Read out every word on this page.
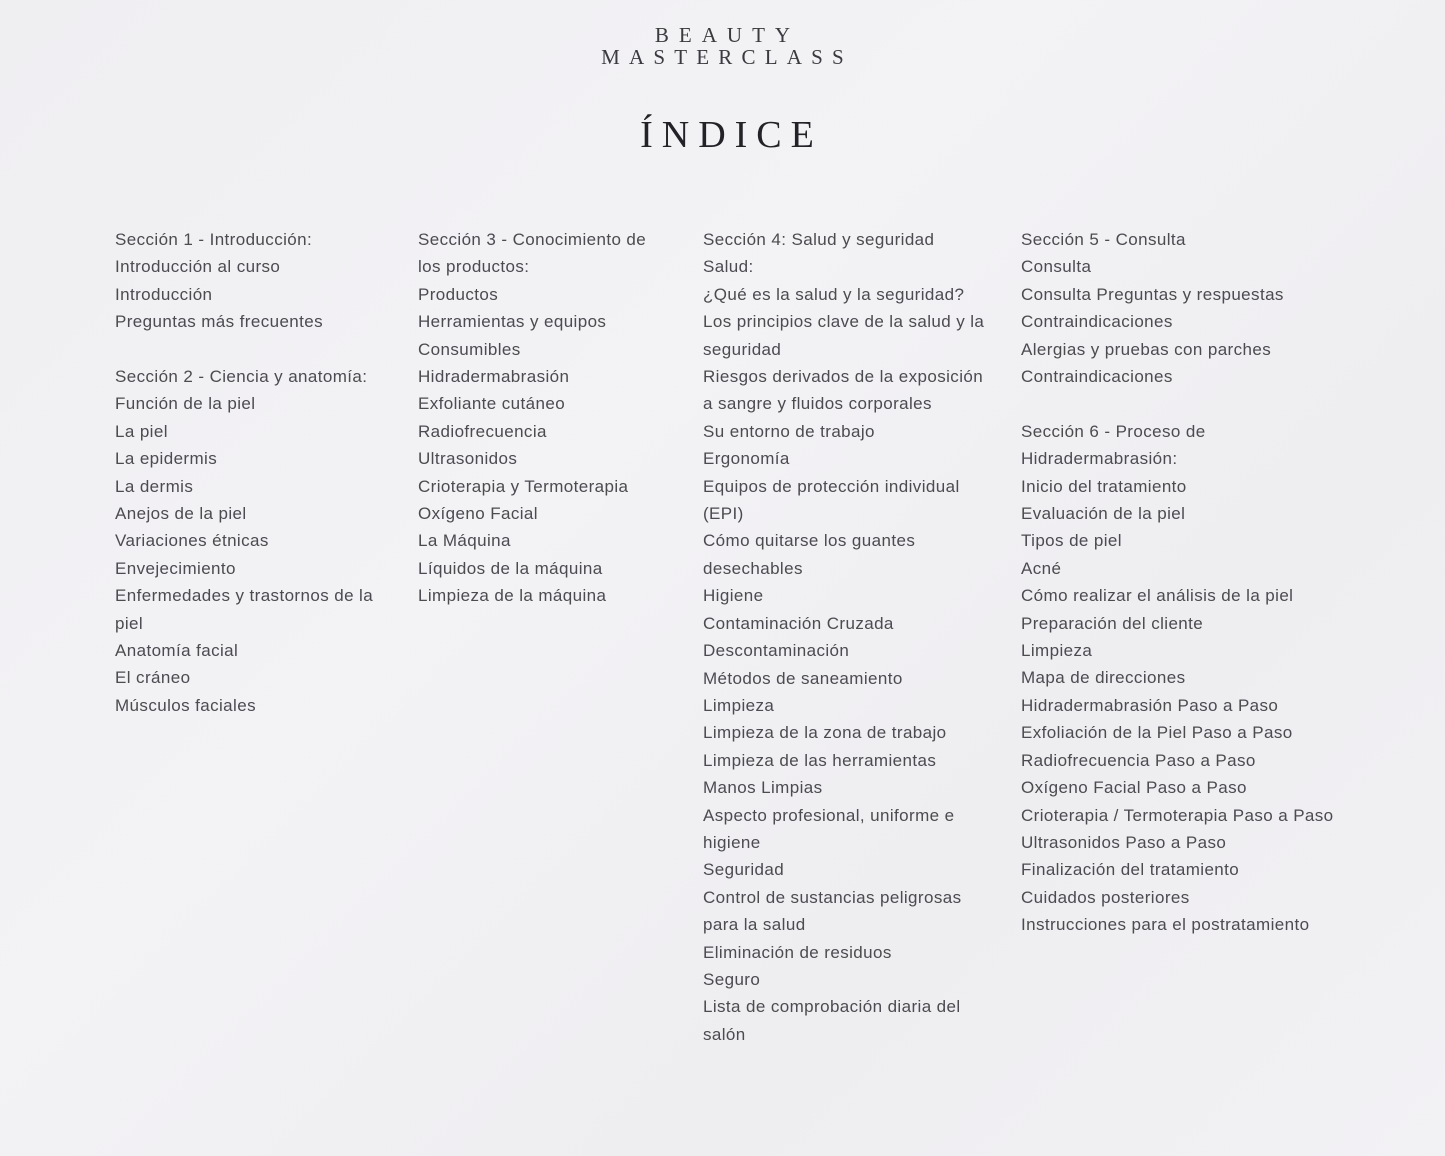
BEAUTY
MASTERCLASS
ÍNDICE
Sección 1 - Introducción:
Introducción al curso
Introducción
Preguntas más frecuentes
Sección 2 - Ciencia y anatomía:
Función de la piel
La piel
La epidermis
La dermis
Anejos de la piel
Variaciones étnicas
Envejecimiento
Enfermedades y trastornos de la piel
Anatomía facial
El cráneo
Músculos faciales
Sección 3 - Conocimiento de los productos:
Productos
Herramientas y equipos
Consumibles
Hidradermabrasión
Exfoliante cutáneo
Radiofrecuencia
Ultrasonidos
Crioterapia y Termoterapia
Oxígeno Facial
La Máquina
Líquidos de la máquina
Limpieza de la máquina
Sección 4: Salud y seguridad
Salud:
¿Qué es la salud y la seguridad?
Los principios clave de la salud y la seguridad
Riesgos derivados de la exposición a sangre y fluidos corporales
Su entorno de trabajo
Ergonomía
Equipos de protección individual (EPI)
Cómo quitarse los guantes desechables
Higiene
Contaminación Cruzada
Descontaminación
Métodos de saneamiento
Limpieza
Limpieza de la zona de trabajo
Limpieza de las herramientas
Manos Limpias
Aspecto profesional, uniforme e higiene
Seguridad
Control de sustancias peligrosas para la salud
Eliminación de residuos
Seguro
Lista de comprobación diaria del salón
Sección 5 - Consulta
Consulta
Consulta Preguntas y respuestas
Contraindicaciones
Alergias y pruebas con parches
Contraindicaciones
Sección 6 - Proceso de Hidradermabrasión:
Inicio del tratamiento
Evaluación de la piel
Tipos de piel
Acné
Cómo realizar el análisis de la piel
Preparación del cliente
Limpieza
Mapa de direcciones
Hidradermabrasión Paso a Paso
Exfoliación de la Piel Paso a Paso
Radiofrecuencia Paso a Paso
Oxígeno Facial Paso a Paso
Crioterapia / Termoterapia Paso a Paso
Ultrasonidos Paso a Paso
Finalización del tratamiento
Cuidados posteriores
Instrucciones para el postratamiento
